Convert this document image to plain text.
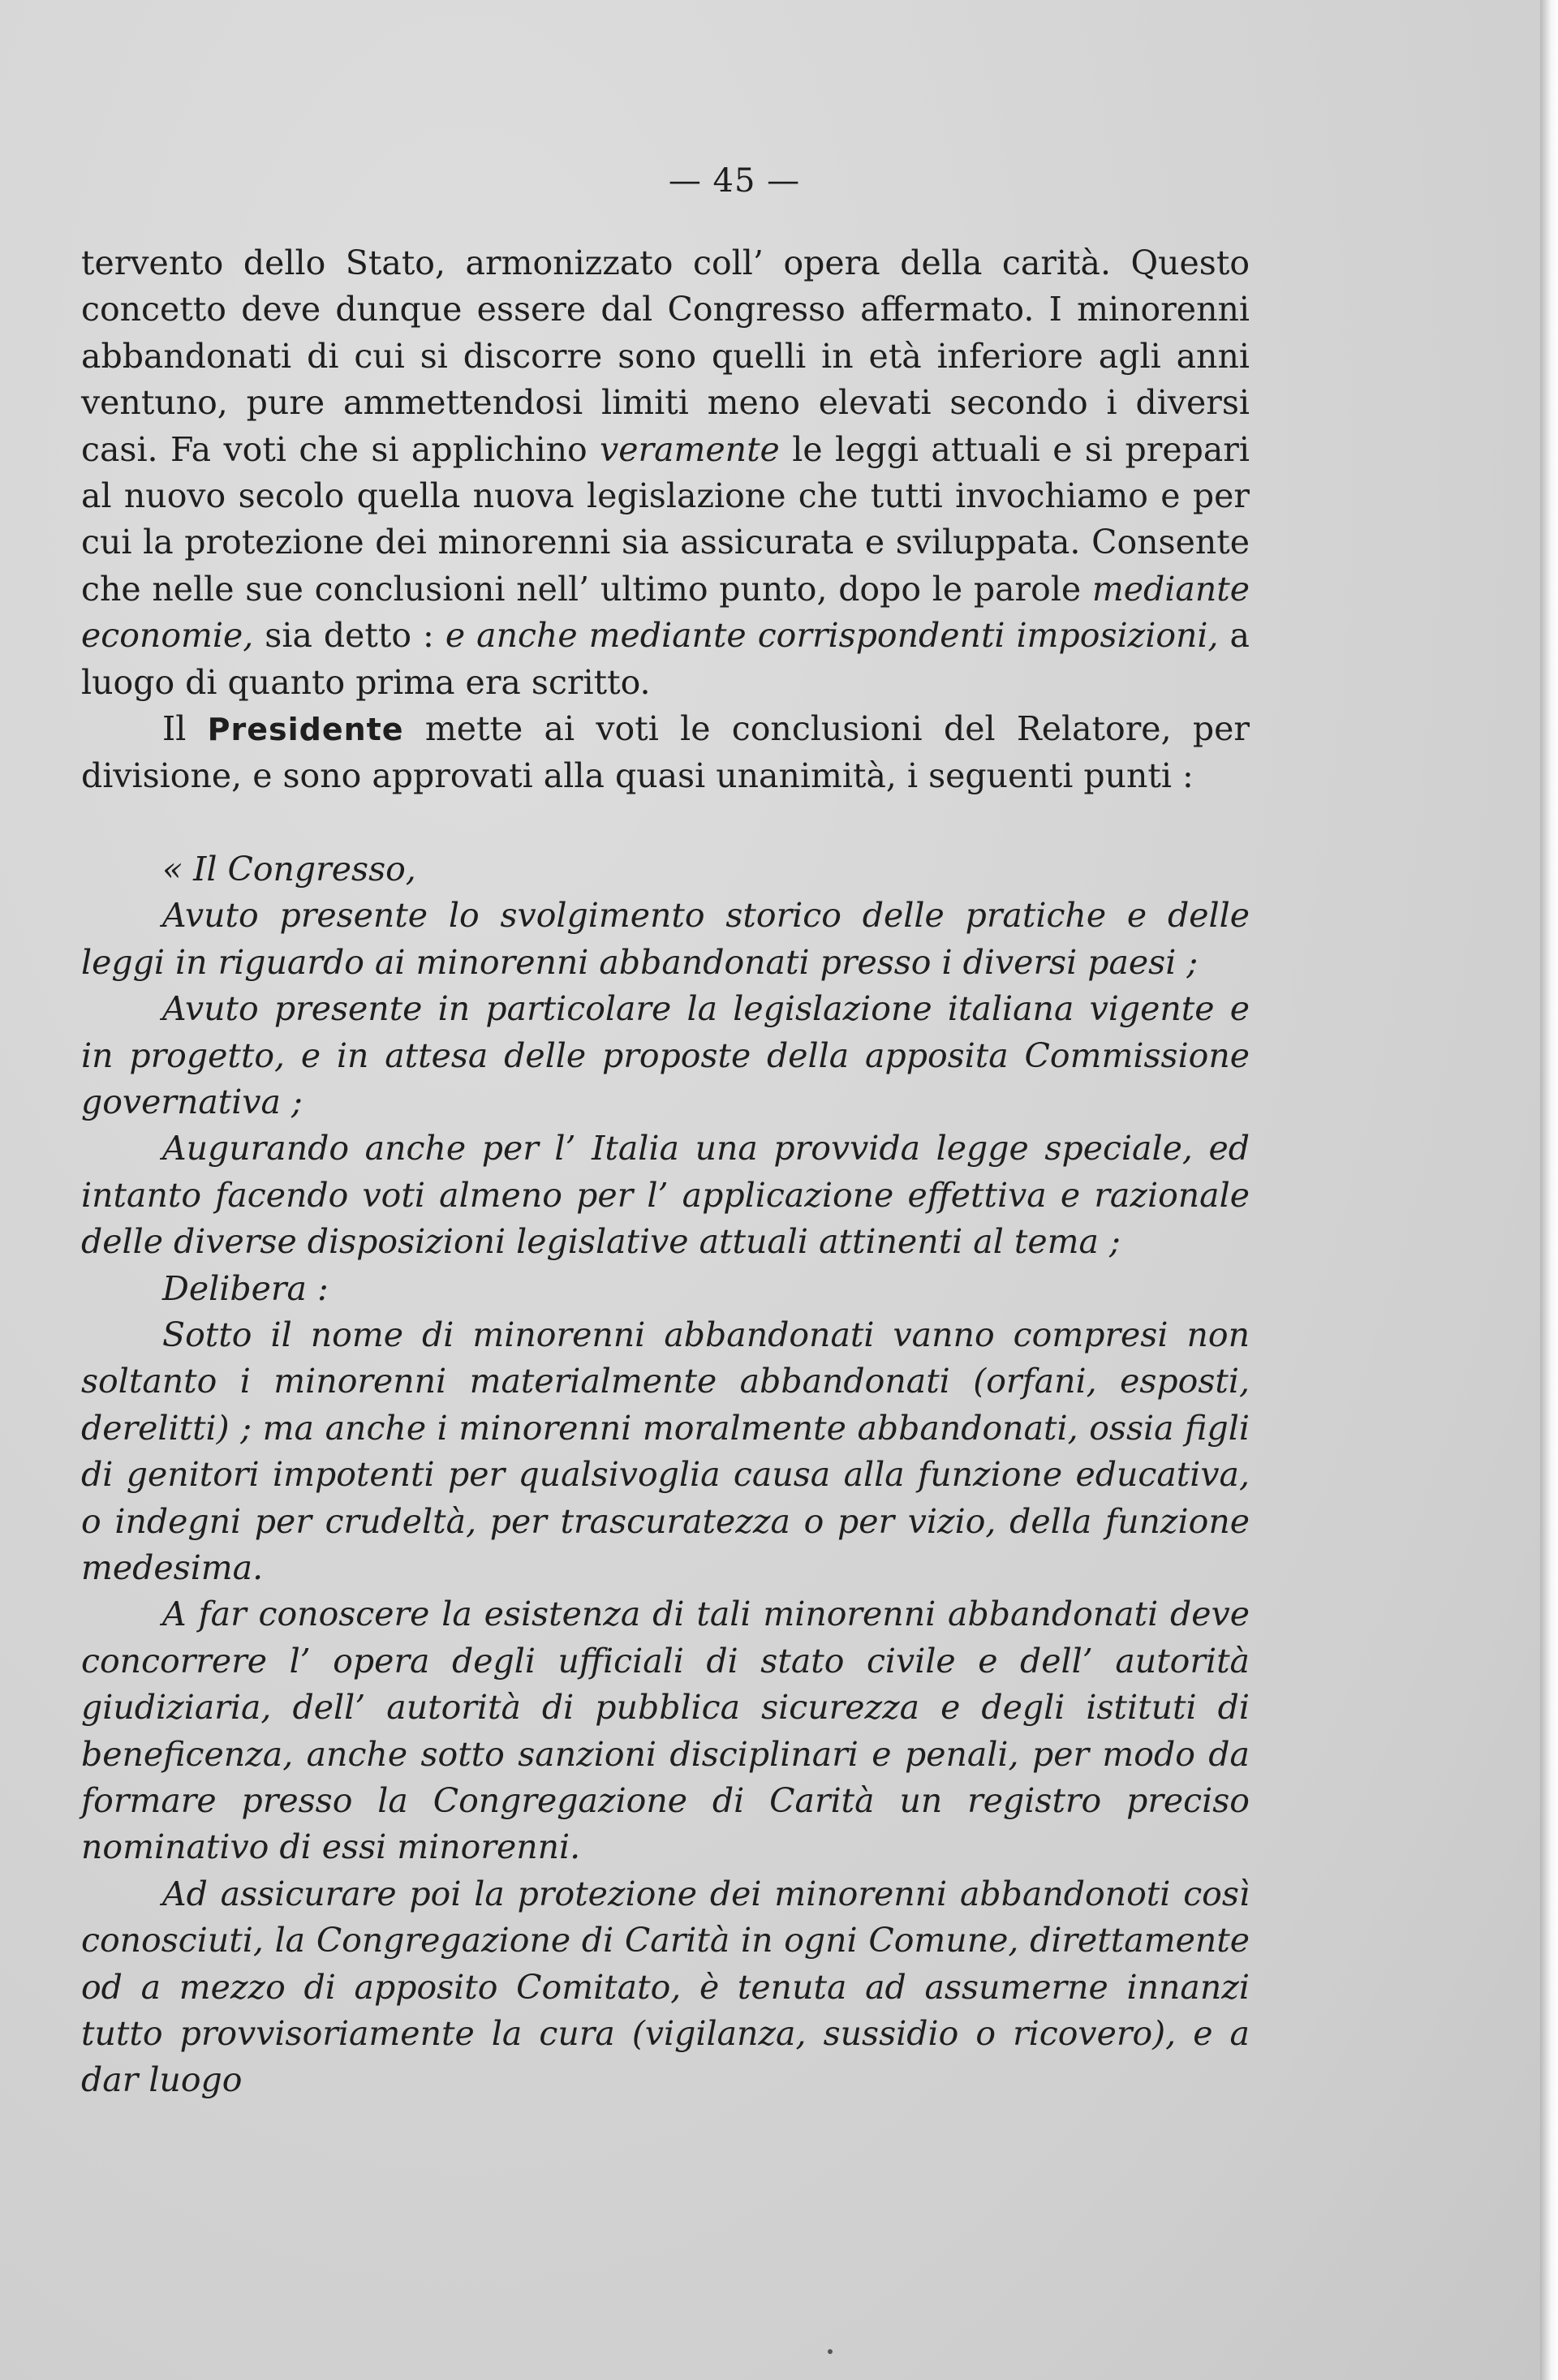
— 45 —

tervento dello Stato, armonizzato coll’ opera della carità. Questo concetto deve dunque essere dal Congresso affermato. I minorenni abbandonati di cui si discorre sono quelli in età inferiore agli anni ventuno, pure ammettendosi limiti meno elevati secondo i diversi casi. Fa voti che si applichino veramente le leggi attuali e si prepari al nuovo secolo quella nuova legislazione che tutti invochiamo e per cui la protezione dei minorenni sia assicurata e sviluppata. Consente che nelle sue conclusioni nell’ ultimo punto, dopo le parole mediante economie, sia detto : e anche mediante corrispondenti imposizioni, a luogo di quanto prima era scritto.

Il Presidente mette ai voti le conclusioni del Relatore, per divisione, e sono approvati alla quasi unanimità, i seguenti punti :

« Il Congresso,

Avuto presente lo svolgimento storico delle pratiche e delle leggi in riguardo ai minorenni abbandonati presso i diversi paesi ;

Avuto presente in particolare la legislazione italiana vigente e in progetto, e in attesa delle proposte della apposita Commissione governativa ;

Augurando anche per l’ Italia una provvida legge speciale, ed intanto facendo voti almeno per l’ applicazione effettiva e razionale delle diverse disposizioni legislative attuali attinenti al tema ;

Delibera :

Sotto il nome di minorenni abbandonati vanno compresi non soltanto i minorenni materialmente abbandonati (orfani, esposti, derelitti) ; ma anche i minorenni moralmente abbandonati, ossia figli di genitori impotenti per qualsivoglia causa alla funzione educativa, o indegni per crudeltà, per trascuratezza o per vizio, della funzione medesima.

A far conoscere la esistenza di tali minorenni abbandonati deve concorrere l’ opera degli ufficiali di stato civile e dell’ autorità giudiziaria, dell’ autorità di pubblica sicurezza e degli istituti di beneficenza, anche sotto sanzioni disciplinari e penali, per modo da formare presso la Congregazione di Carità un registro preciso nominativo di essi minorenni.

Ad assicurare poi la protezione dei minorenni abbandonoti così conosciuti, la Congregazione di Carità in ogni Comune, direttamente od a mezzo di apposito Comitato, è tenuta ad assumerne innanzi tutto provvisoriamente la cura (vigilanza, sussidio o ricovero), e a dar luogo
